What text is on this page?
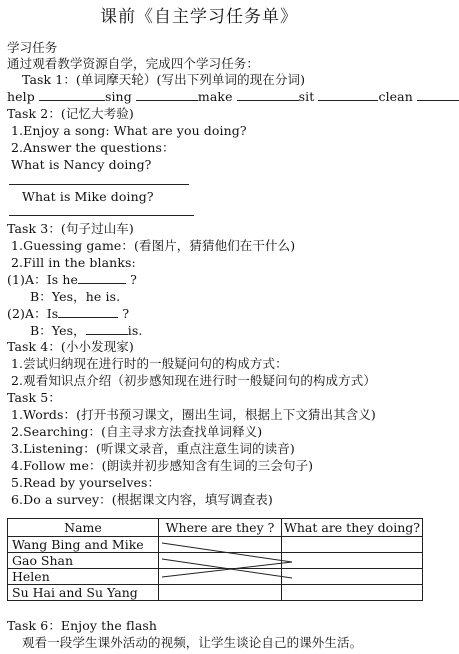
课前《自主学习任务单》
学习任务
通过观看教学资源自学，完成四个学习任务：
Task 1：(单词摩天轮）(写出下列单词的现在分词)
help	sing	make	sit	clean
Task 2：(记忆大考验)
1.Enjoy a song: What are you doing?
2.Answer the questions：
What is Nancy doing?
What is Mike doing?
Task 3：(句子过山车)
1.Guessing game：(看图片，猜猜他们在干什么)
2.Fill in the blanks:
(1)A：Is he	?
B：Yes，he is.
(2)A：Is	?
B：Yes，	is.
Task 4：(小小发现家)
1.尝试归纳现在进行时的一般疑问句的构成方式：
2.观看知识点介绍（初步感知现在进行时一般疑问句的构成方式）
Task 5：
1.Words：(打开书预习课文，圈出生词，根据上下文猜出其含义)
2.Searching：(自主寻求方法查找单词释义)
3.Listening：(听课文录音，重点注意生词的读音)
4.Follow me：(朗读并初步感知含有生词的三会句子)
5.Read by yourselves：
6.Do a survey：(根据课文内容，填写调查表)
Name	Where are they ?	What are they doing?
Wang Bing and Mike		
Gao Shan		
Helen		
Su Hai and Su Yang		
Task 6：Enjoy the flash
观看一段学生课外活动的视频，让学生谈论自己的课外生活。
